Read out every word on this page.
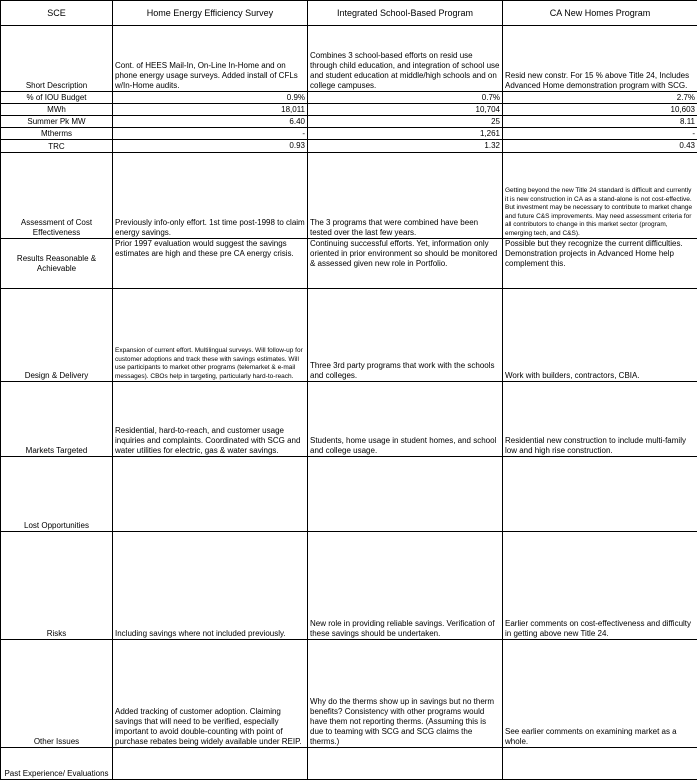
SCE	Home Energy Efficiency Survey	Integrated School-Based Program	CA New Homes Program
Short Description	Cont. of HEES Mail-In, On-Line In-Home and on phone energy usage surveys. Added install of CFLs w/In-Home audits.	Combines 3 school-based efforts on resid use through child education, and integration of school use and student education at middle/high schools and on college campuses.	Resid new constr. For 15 % above Title 24, Includes Advanced Home demonstration program with SCG.
% of IOU Budget	0.9%	0.7%	2.7%
MWh	18,011	10,704	10,603
Summer Pk MW	6.40	25	8.11
Mtherms	-	1,261	-
TRC	0.93	1.32	0.43
Assessment of Cost Effectiveness	Previously info-only effort. 1st time post-1998 to claim energy savings.	The 3 programs that were combined have been tested over the last few years.	Getting beyond the new Title 24 standard is difficult and currently it is new construction in CA as a stand-alone is not cost-effective. But investment may be necessary to contribute to market change and future C&S improvements. May need assessment criteria for all contributors to change in this market sector (program, emerging tech, and C&S).
Results Reasonable & Achievable	Prior 1997 evaluation would suggest the savings estimates are high and these pre CA energy crisis.	Continuing successful efforts. Yet, information only oriented in prior environment so should be monitored & assessed given new role in Portfolio.	Possible but they recognize the current difficulties. Demonstration projects in Advanced Home help complement this.
Design & Delivery	Expansion of current effort. Multilingual surveys. Will follow-up for customer adoptions and track these with savings estimates. Will use participants to market other programs (telemarket & e-mail messages). CBOs help in targeting, particularly hard-to-reach.	Three 3rd party programs that work with the schools and colleges.	Work with builders, contractors, CBIA.
Markets Targeted	Residential, hard-to-reach, and customer usage inquiries and complaints. Coordinated with SCG and water utilities for electric, gas & water savings.	Students, home usage in student homes, and school and college usage.	Residential new construction to include multi-family low and high rise construction.
Lost Opportunities			
Risks	Including savings where not included previously.	New role in providing reliable savings. Verification of these savings should be undertaken.	Earlier comments on cost-effectiveness and difficulty in getting above new Title 24.
Other Issues	Added tracking of customer adoption. Claiming savings that will need to be verified, especially important to avoid double-counting with point of purchase rebates being widely available under REIP.	Why do the therms show up in savings but no therm benefits? Consistency with other programs would have them not reporting therms. (Assuming this is due to teaming with SCG and SCG claims the therms.)	See earlier comments on examining market as a whole.
Past Experience/ Evaluations			
